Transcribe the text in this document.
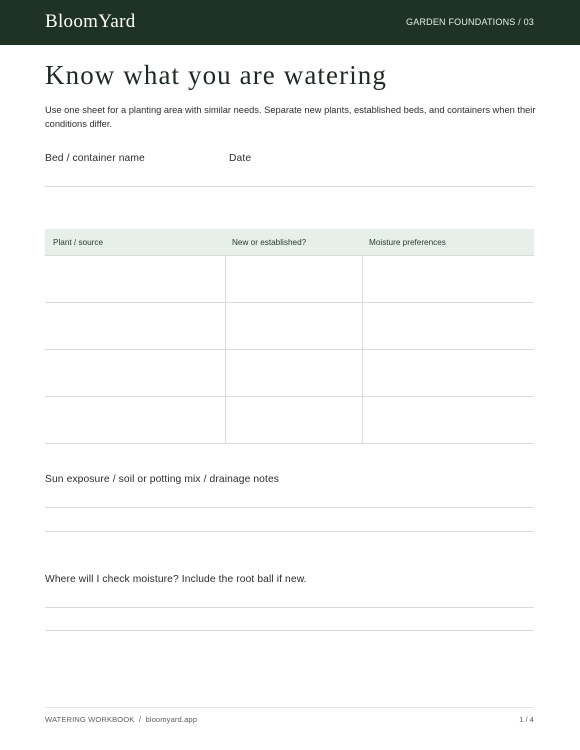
BloomYard	GARDEN FOUNDATIONS / 03
Know what you are watering
Use one sheet for a planting area with similar needs. Separate new plants, established beds, and containers when their conditions differ.
Bed / container name	Date
Plant / source	New or established?	Moisture preferences

Sun exposure / soil or potting mix / drainage notes
Where will I check moisture? Include the root ball if new.
WATERING WORKBOOK  /  bloomyard.app	1 / 4
